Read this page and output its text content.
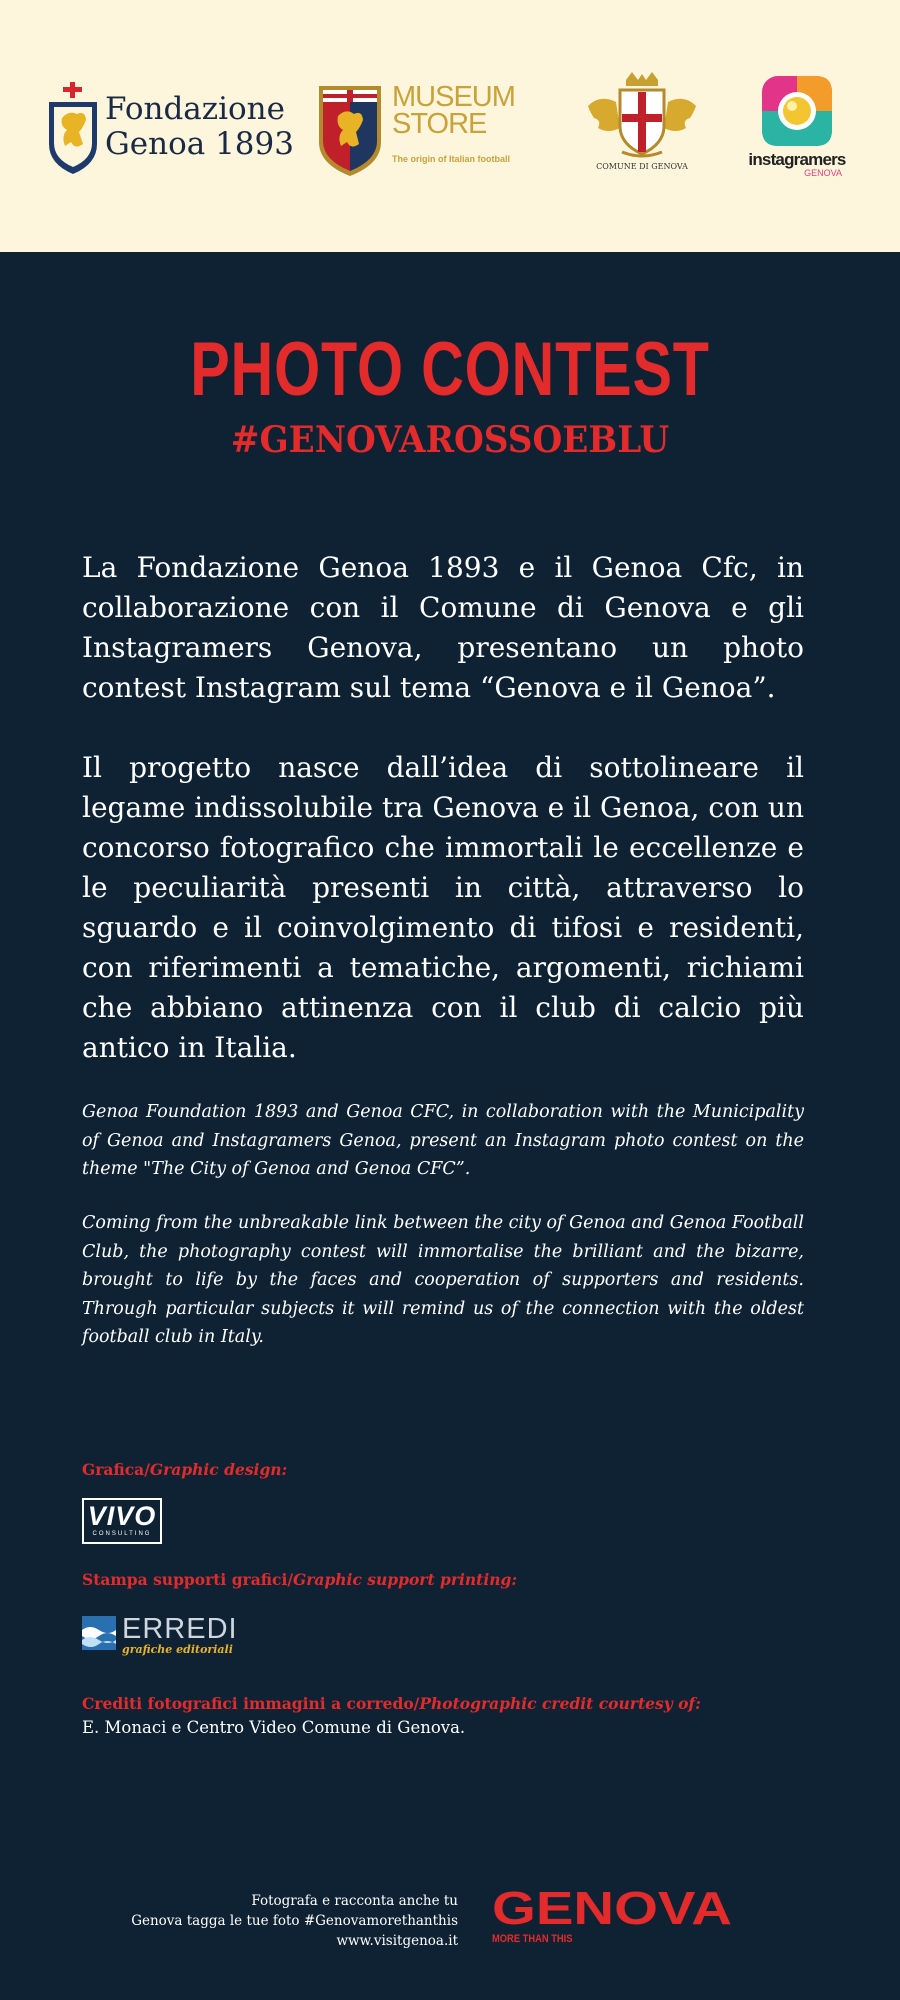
Fondazione
Genoa 1893
MUSEUM
STORE
The origin of Italian football
COMUNE DI GENOVA	instagramers
GENOVA
PHOTO CONTEST
#GENOVAROSSOEBLU

La Fondazione Genoa 1893 e il Genoa Cfc, in collaborazione con il Comune di Genova e gli Instagramers Genova, presentano un photo contest Instagram sul tema “Genova e il Genoa”.

Il progetto nasce dall’idea di sottolineare il legame indissolubile tra Genova e il Genoa, con un concorso fotografico che immortali le eccellenze e le peculiarità presenti in città, attraverso lo sguardo e il coinvolgimento di tifosi e residenti, con riferimenti a tematiche, argomenti, richiami che abbiano attinenza con il club di calcio più antico in Italia.

Genoa Foundation 1893 and Genoa CFC, in collaboration with the Municipality of Genoa and Instagramers Genoa, present an Instagram photo contest on the theme "The City of Genoa and Genoa CFC”.

Coming from the unbreakable link between the city of Genoa and Genoa Football Club, the photography contest will immortalise the brilliant and the bizarre, brought to life by the faces and cooperation of supporters and residents. Through particular subjects it will remind us of the connection with the oldest football club in Italy.

Grafica/Graphic design:
VIVO
CONSULTING
Stampa supporti grafici/Graphic support printing:
ERREDI
grafiche editoriali
Crediti fotografici immagini a corredo/Photographic credit courtesy of:
E. Monaci e Centro Video Comune di Genova.
Fotografa e racconta anche tu
Genova tagga le tue foto #Genovamorethanthis
www.visitgenoa.it
GENOVA
MORE THAN THIS
